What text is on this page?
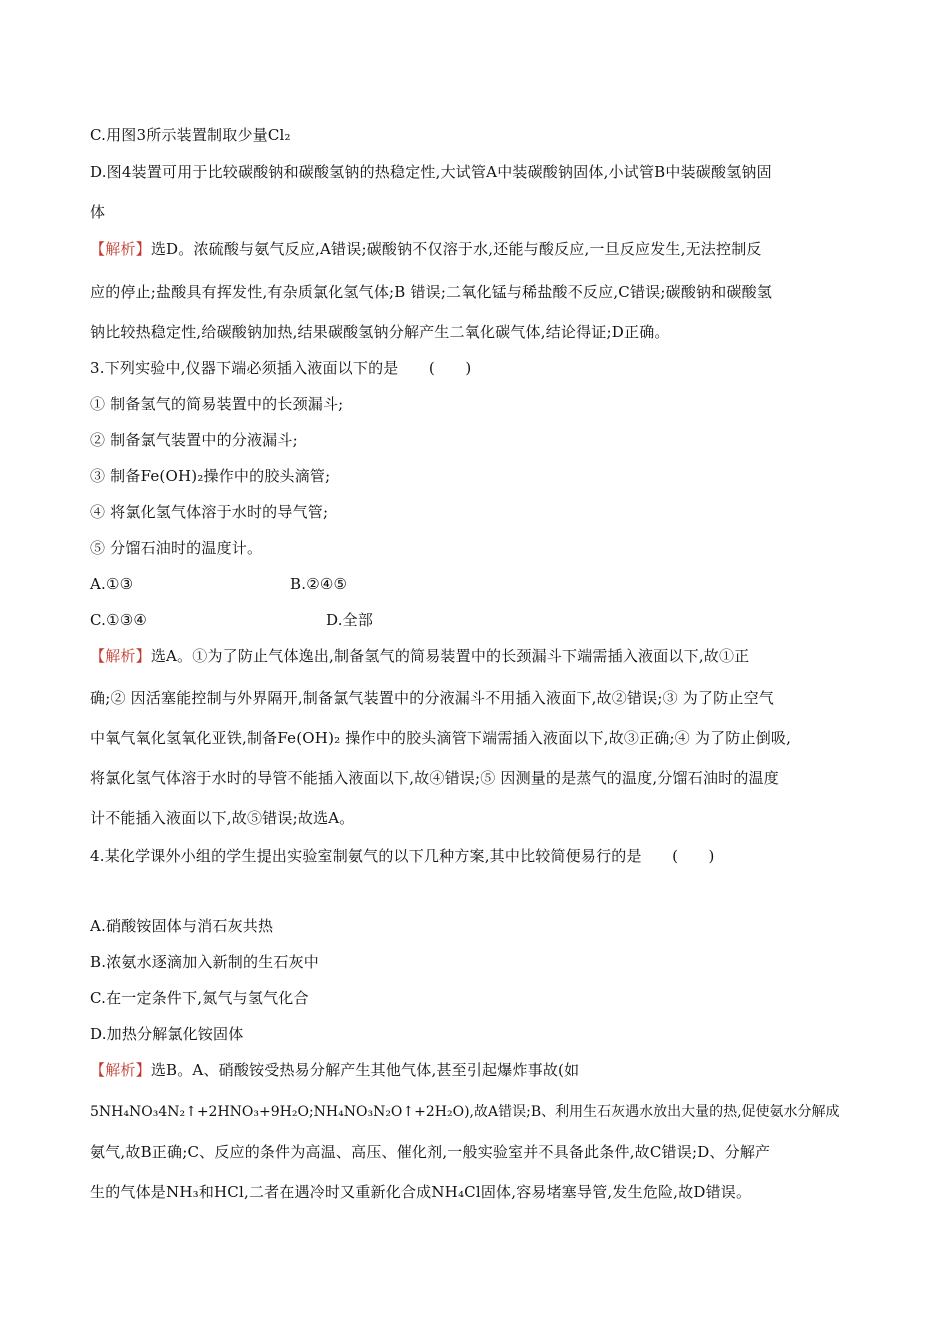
C.用图3所示装置制取少量Cl₂
D.图4装置可用于比较碳酸钠和碳酸氢钠的热稳定性,大试管A中装碳酸钠固体,小试管B中装碳酸氢钠固
体
【解析】选D。浓硫酸与氨气反应,A错误;碳酸钠不仅溶于水,还能与酸反应,一旦反应发生,无法控制反
应的停止;盐酸具有挥发性,有杂质氯化氢气体;B 错误;二氧化锰与稀盐酸不反应,C错误;碳酸钠和碳酸氢
钠比较热稳定性,给碳酸钠加热,结果碳酸氢钠分解产生二氧化碳气体,结论得证;D正确。
3.下列实验中,仪器下端必须插入液面以下的是　　(　　)
① 制备氢气的简易装置中的长颈漏斗;
② 制备氯气装置中的分液漏斗;
③ 制备Fe(OH)₂操作中的胶头滴管;
④ 将氯化氢气体溶于水时的导气管;
⑤ 分馏石油时的温度计。
A.①③	B.②④⑤
C.①③④	D.全部
【解析】选A。①为了防止气体逸出,制备氢气的简易装置中的长颈漏斗下端需插入液面以下,故①正
确;② 因活塞能控制与外界隔开,制备氯气装置中的分液漏斗不用插入液面下,故②错误;③ 为了防止空气
中氧气氧化氢氧化亚铁,制备Fe(OH)₂ 操作中的胶头滴管下端需插入液面以下,故③正确;④ 为了防止倒吸,
将氯化氢气体溶于水时的导管不能插入液面以下,故④错误;⑤ 因测量的是蒸气的温度,分馏石油时的温度
计不能插入液面以下,故⑤错误;故选A。
4.某化学课外小组的学生提出实验室制氨气的以下几种方案,其中比较简便易行的是　　(　　)
A.硝酸铵固体与消石灰共热
B.浓氨水逐滴加入新制的生石灰中
C.在一定条件下,氮气与氢气化合
D.加热分解氯化铵固体
【解析】选B。A、硝酸铵受热易分解产生其他气体,甚至引起爆炸事故(如
5NH₄NO₃4N₂↑+2HNO₃+9H₂O;NH₄NO₃N₂O↑+2H₂O),故A错误;B、利用生石灰遇水放出大量的热,促使氨水分解成
氨气,故B正确;C、反应的条件为高温、高压、催化剂,一般实验室并不具备此条件,故C错误;D、分解产
生的气体是NH₃和HCl,二者在遇冷时又重新化合成NH₄Cl固体,容易堵塞导管,发生危险,故D错误。
